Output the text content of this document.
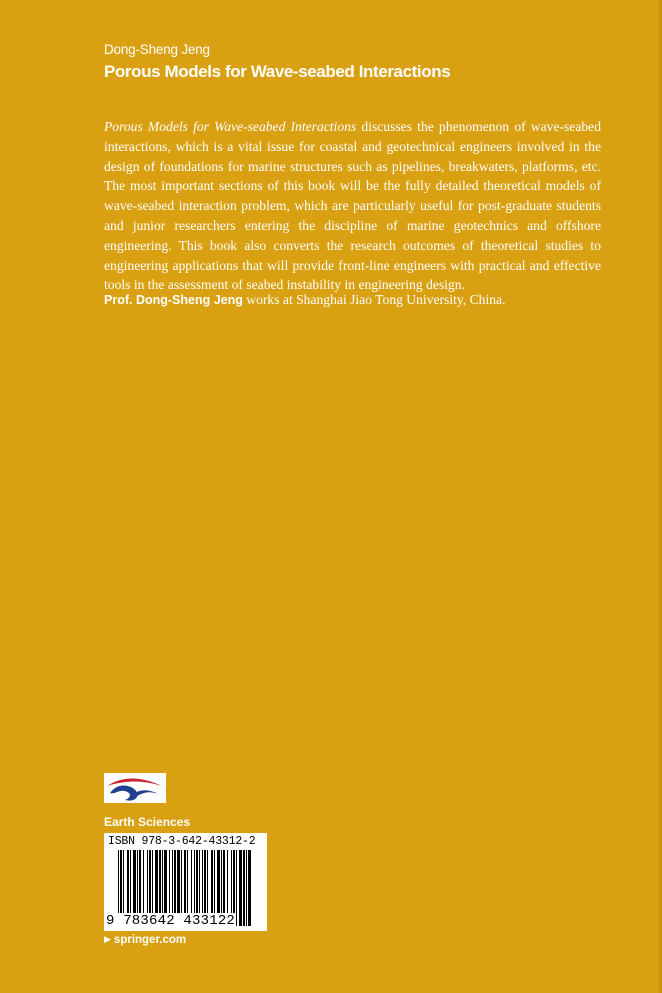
Dong-Sheng Jeng
Porous Models for Wave-seabed Interactions

Porous Models for Wave-seabed Interactions discusses the phenomenon of wave-seabed interactions, which is a vital issue for coastal and geotechnical engineers involved in the design of foundations for marine structures such as pipelines, breakwaters, platforms, etc. The most important sections of this book will be the fully detailed theoretical models of wave-seabed interaction problem, which are particularly useful for post-graduate students and junior researchers entering the discipline of marine geotechnics and offshore engineering. This book also converts the research outcomes of theoretical studies to engineering applications that will provide front-line engineers with practical and effective tools in the assessment of seabed instability in engineering design.

Prof. Dong-Sheng Jeng works at Shanghai Jiao Tong University, China.

Earth Sciences
ISBN 978-3-642-43312-2
9 783642 433122
▶ springer.com
